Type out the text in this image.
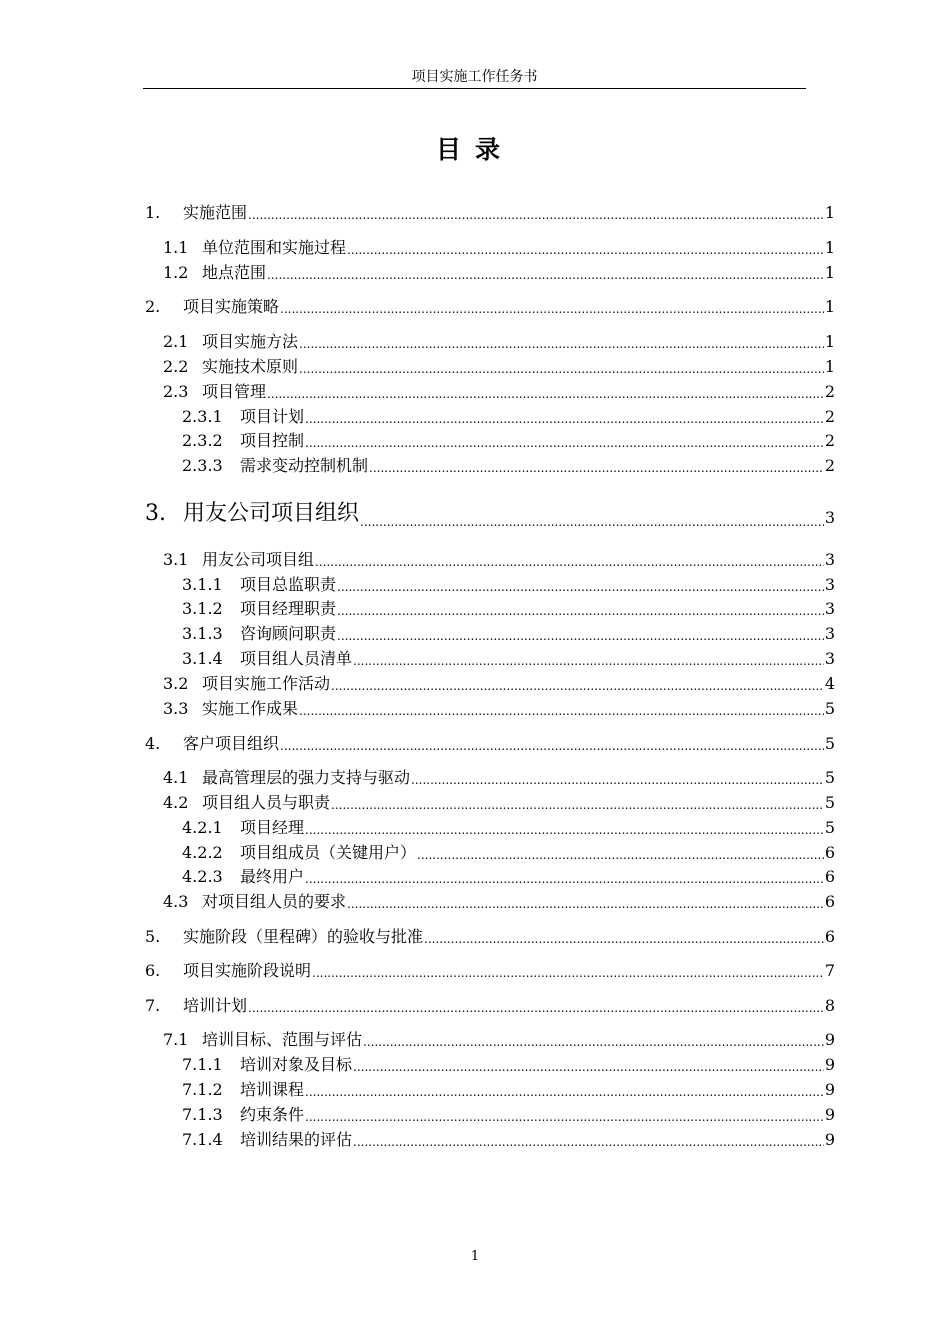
项目实施工作任务书
目录
1.	实施范围 .....	1
1.1 单位范围和实施过程 .....	1
1.2 地点范围 .....	1
2.	项目实施策略 .....	1
2.1 项目实施方法 .....	1
2.2 实施技术原则 .....	1
2.3 项目管理 .....	2
2.3.1	项目计划 .....	2
2.3.2	项目控制 .....	2
2.3.3	需求变动控制机制 .....	2
3. 用友公司项目组织 .....	3
3.1 用友公司项目组 .....	3
3.1.1	项目总监职责 .....	3
3.1.2	项目经理职责 .....	3
3.1.3	咨询顾问职责 .....	3
3.1.4	项目组人员清单 .....	3
3.2 项目实施工作活动 .....	4
3.3 实施工作成果 .....	5
4.	客户项目组织 .....	5
4.1 最高管理层的强力支持与驱动 .....	5
4.2 项目组人员与职责 .....	5
4.2.1	项目经理 .....	5
4.2.2	项目组成员（关键用户） .....	6
4.2.3	最终用户 .....	6
4.3 对项目组人员的要求 .....	6
5.	实施阶段（里程碑）的验收与批准 .....	6
6.	项目实施阶段说明 .....	7
7.	培训计划 .....	8
7.1 培训目标、范围与评估 .....	9
7.1.1	培训对象及目标 .....	9
7.1.2	培训课程 .....	9
7.1.3	约束条件 .....	9
7.1.4	培训结果的评估 .....	9
1
